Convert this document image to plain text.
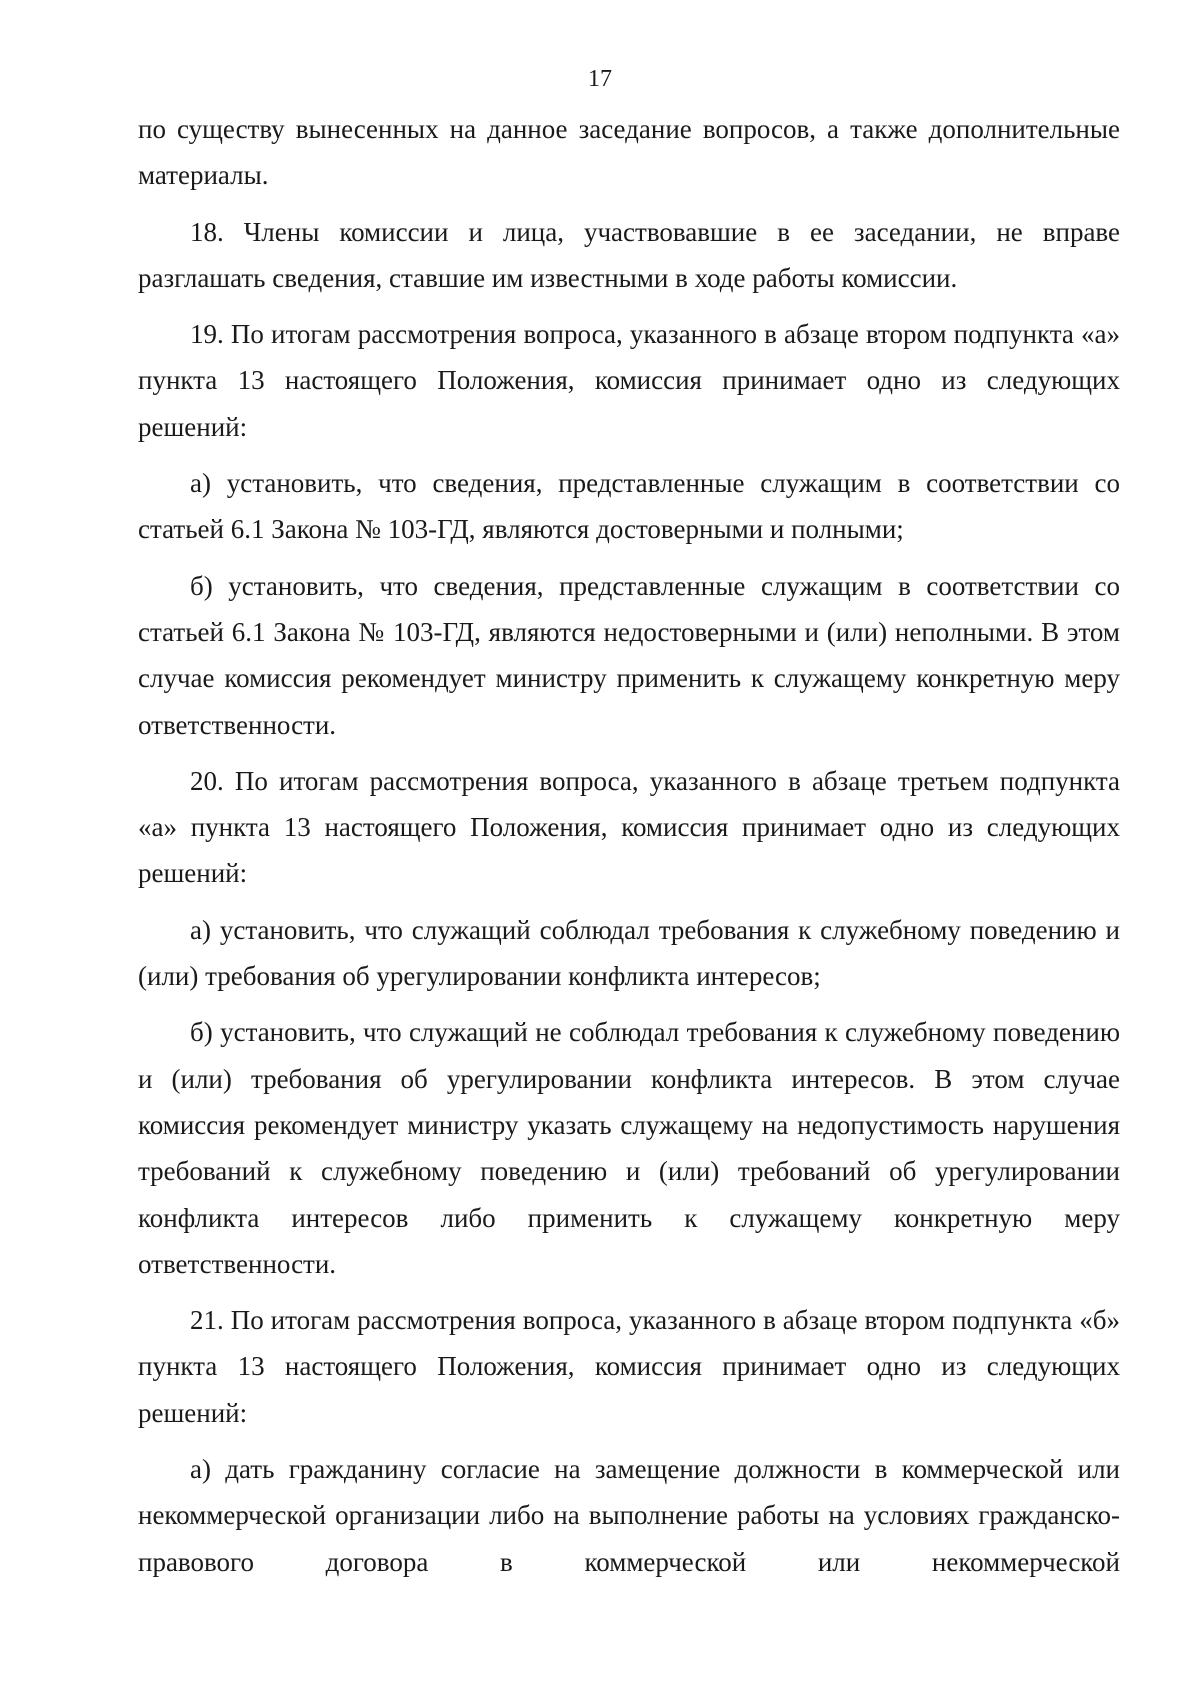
17

по существу вынесенных на данное заседание вопросов, а также дополнительные материалы.

18. Члены комиссии и лица, участвовавшие в ее заседании, не вправе разглашать сведения, ставшие им известными в ходе работы комиссии.

19. По итогам рассмотрения вопроса, указанного в абзаце втором подпункта «а» пункта 13 настоящего Положения, комиссия принимает одно из следующих решений:

а) установить, что сведения, представленные служащим в соответствии со статьей 6.1 Закона № 103-ГД, являются достоверными и полными;

б) установить, что сведения, представленные служащим в соответствии со статьей 6.1 Закона № 103-ГД, являются недостоверными и (или) неполными. В этом случае комиссия рекомендует министру применить к служащему конкретную меру ответственности.

20. По итогам рассмотрения вопроса, указанного в абзаце третьем подпункта «а» пункта 13 настоящего Положения, комиссия принимает одно из следующих решений:

а) установить, что служащий соблюдал требования к служебному поведению и (или) требования об урегулировании конфликта интересов;

б) установить, что служащий не соблюдал требования к служебному поведению и (или) требования об урегулировании конфликта интересов. В этом случае комиссия рекомендует министру указать служащему на недопустимость нарушения требований к служебному поведению и (или) требований об урегулировании конфликта интересов либо применить к служащему конкретную меру ответственности.

21. По итогам рассмотрения вопроса, указанного в абзаце втором подпункта «б» пункта 13 настоящего Положения, комиссия принимает одно из следующих решений:

а) дать гражданину согласие на замещение должности в коммерческой или некоммерческой организации либо на выполнение работы на условиях гражданско-правового договора в коммерческой или некоммерческой
